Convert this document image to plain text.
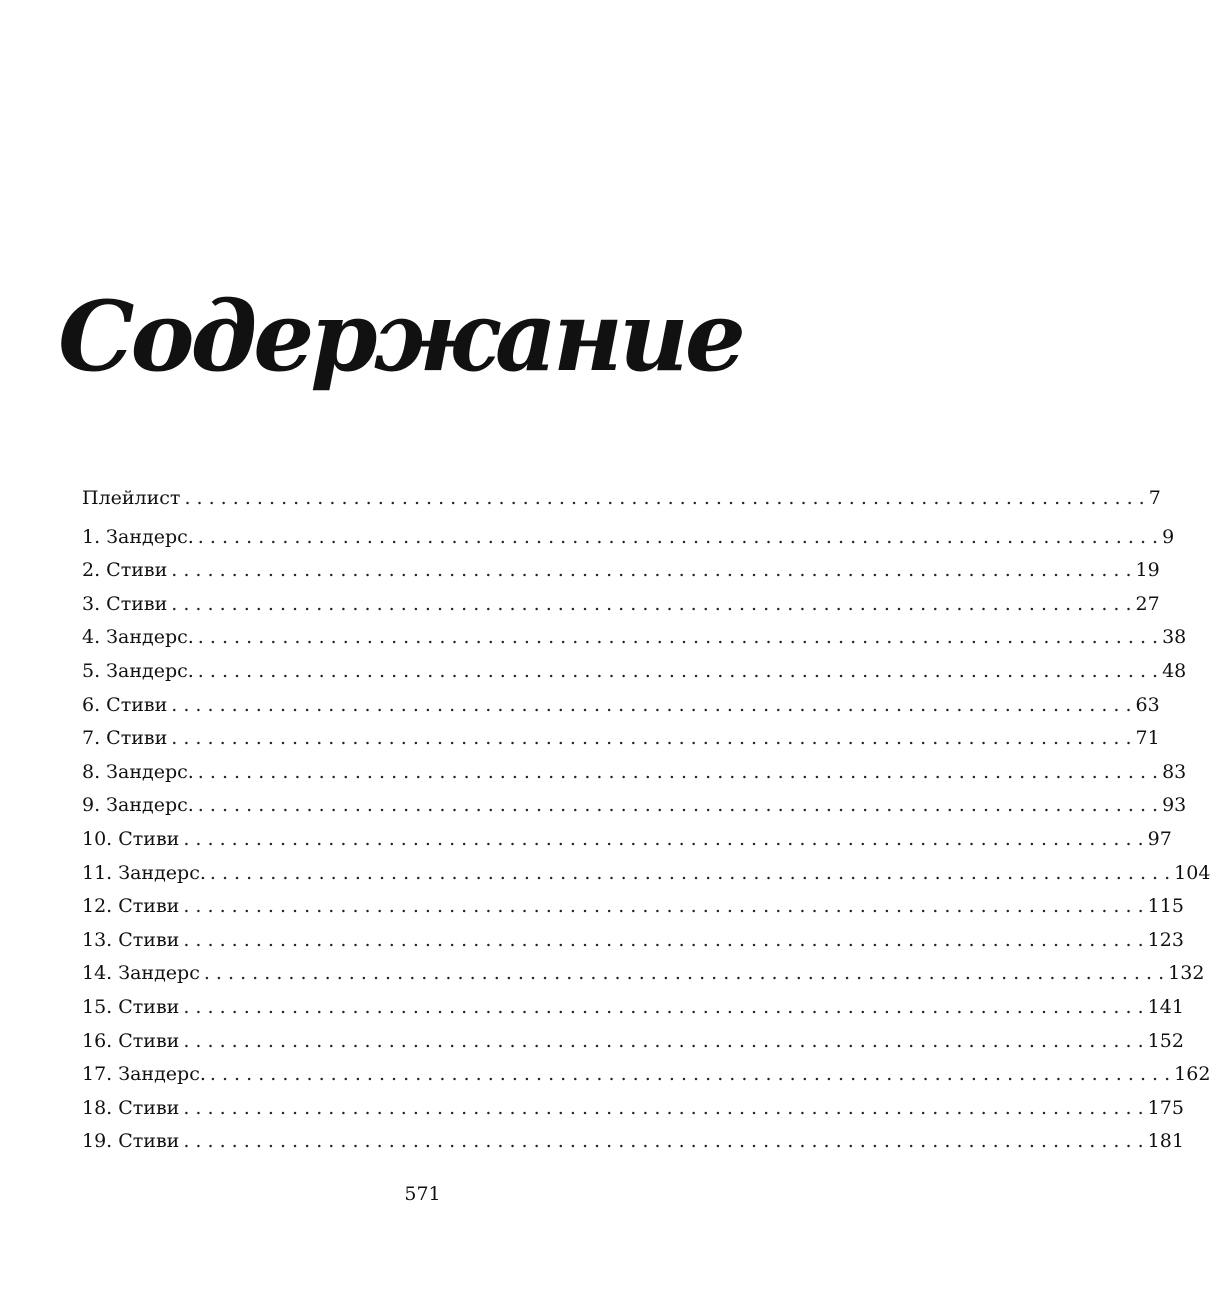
Содержание
Плейлист . . .	7
1. Зандерс. . . .	9
2. Стиви . . .	19
3. Стиви . . .	27
4. Зандерс. . . .	38
5. Зандерс. . . .	48
6. Стиви . . .	63
7. Стиви . . .	71
8. Зандерс. . . .	83
9. Зандерс. . . .	93
10. Стиви . . .	97
11. Зандерс. . . .	104
12. Стиви . . .	115
13. Стиви . . .	123
14. Зандерс . . .	132
15. Стиви . . .	141
16. Стиви . . .	152
17. Зандерс. . . .	162
18. Стиви . . .	175
19. Стиви . . .	181
571
